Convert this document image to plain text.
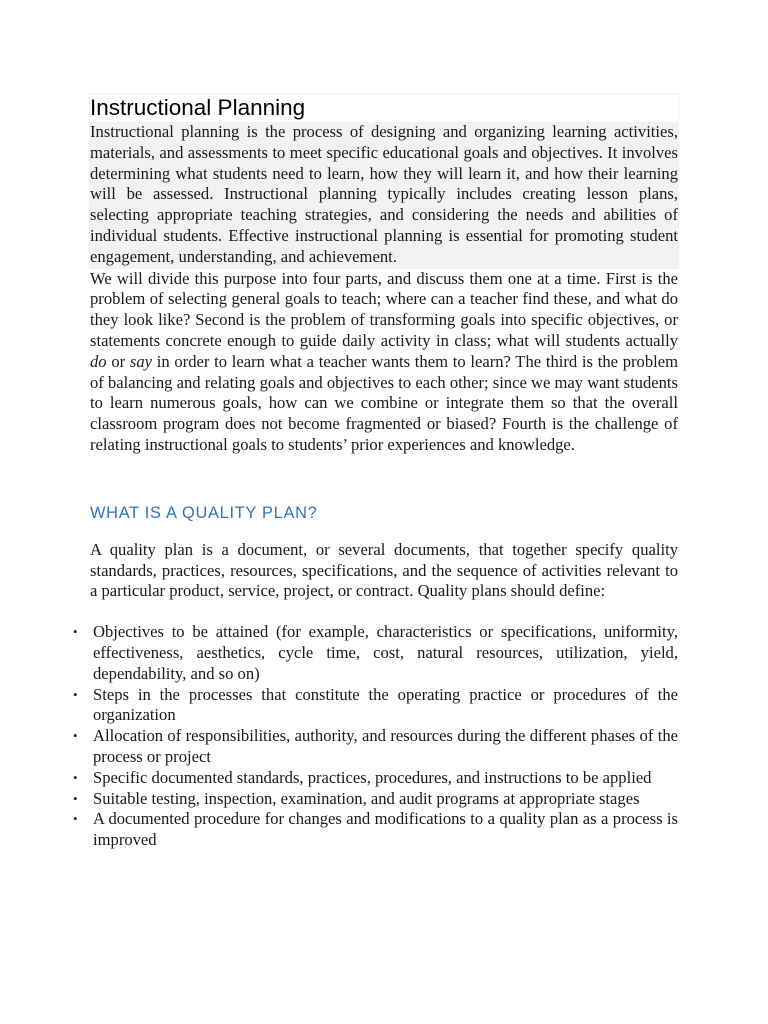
Instructional Planning

Instructional planning is the process of designing and organizing learning activities, materials, and assessments to meet specific educational goals and objectives. It involves determining what students need to learn, how they will learn it, and how their learning will be assessed. Instructional planning typically includes creating lesson plans, selecting appropriate teaching strategies, and considering the needs and abilities of individual students. Effective instructional planning is essential for promoting student engagement, understanding, and achievement.

We will divide this purpose into four parts, and discuss them one at a time. First is the problem of selecting general goals to teach; where can a teacher find these, and what do they look like? Second is the problem of transforming goals into specific objectives, or statements concrete enough to guide daily activity in class; what will students actually do or say in order to learn what a teacher wants them to learn? The third is the problem of balancing and relating goals and objectives to each other; since we may want students to learn numerous goals, how can we combine or integrate them so that the overall classroom program does not become fragmented or biased? Fourth is the challenge of relating instructional goals to students’ prior experiences and knowledge.

WHAT IS A QUALITY PLAN?

A quality plan is a document, or several documents, that together specify quality standards, practices, resources, specifications, and the sequence of activities relevant to a particular product, service, project, or contract. Quality plans should define:

• Objectives to be attained (for example, characteristics or specifications, uniformity, effectiveness, aesthetics, cycle time, cost, natural resources, utilization, yield, dependability, and so on)
• Steps in the processes that constitute the operating practice or procedures of the organization
• Allocation of responsibilities, authority, and resources during the different phases of the process or project
• Specific documented standards, practices, procedures, and instructions to be applied
• Suitable testing, inspection, examination, and audit programs at appropriate stages
• A documented procedure for changes and modifications to a quality plan as a process is improved
